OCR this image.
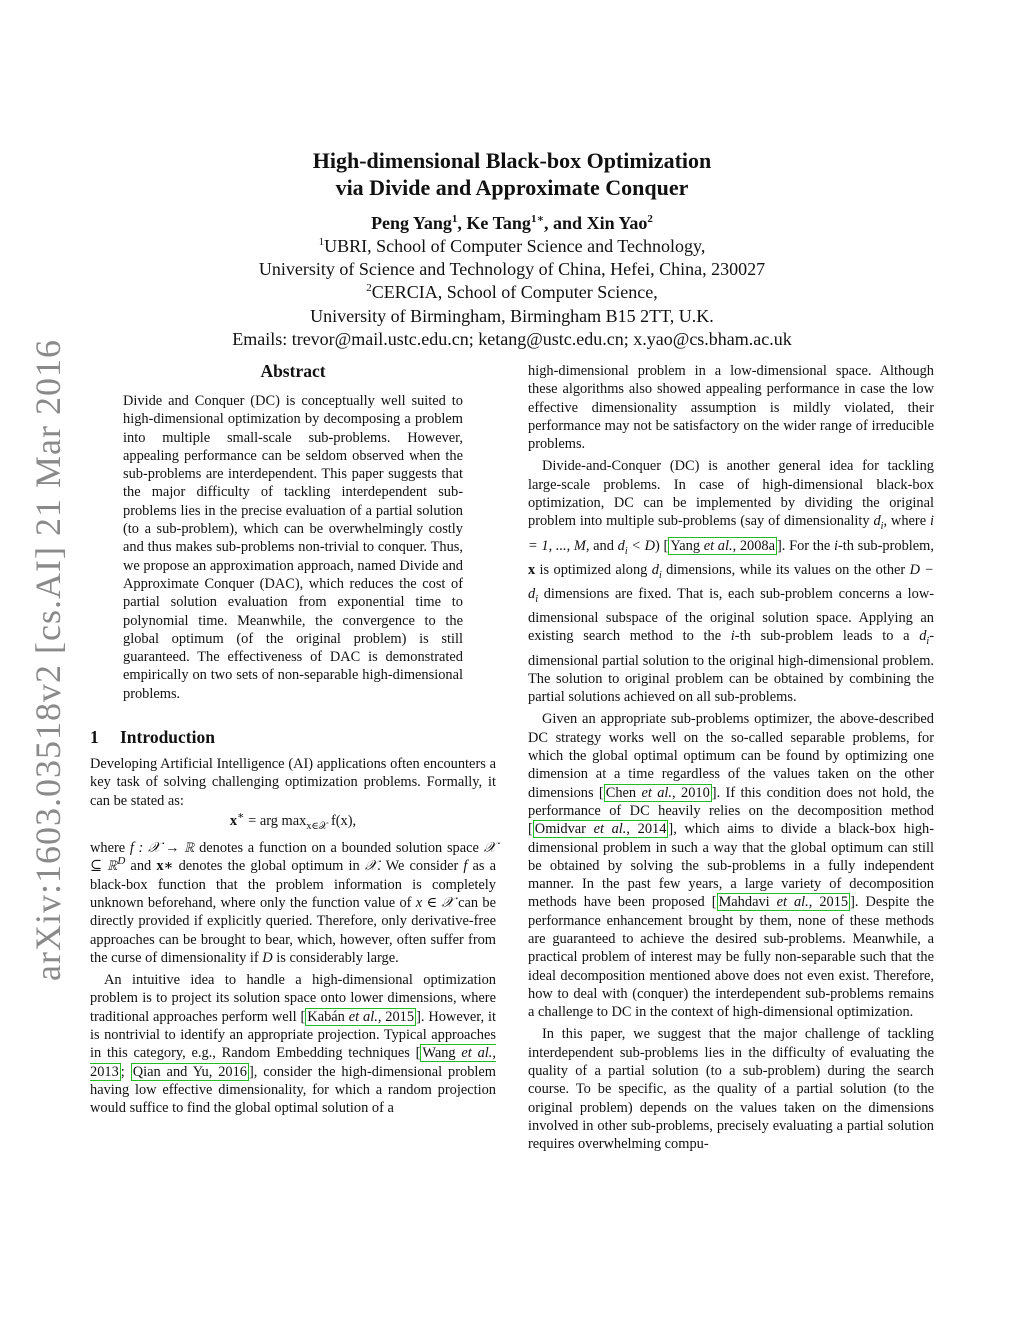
arXiv:1603.03518v2 [cs.AI] 21 Mar 2016
High-dimensional Black-box Optimization
via Divide and Approximate Conquer
Peng Yang$^1$, Ke Tang$^{1∗}$, and Xin Yao$^2$
$^1$UBRI, School of Computer Science and Technology,
University of Science and Technology of China, Hefei, China, 230027
$^2$CERCIA, School of Computer Science,
University of Birmingham, Birmingham B15 2TT, U.K.
Emails: trevor@mail.ustc.edu.cn; ketang@ustc.edu.cn; x.yao@cs.bham.ac.uk
Abstract

Divide and Conquer (DC) is conceptually well suited to high-dimensional optimization by decomposing a problem into multiple small-scale sub-problems. However, appealing performance can be seldom observed when the sub-problems are interdependent. This paper suggests that the major difficulty of tackling interdependent sub-problems lies in the precise evaluation of a partial solution (to a sub-problem), which can be overwhelmingly costly and thus makes sub-problems non-trivial to conquer. Thus, we propose an approximation approach, named Divide and Approximate Conquer (DAC), which reduces the cost of partial solution evaluation from exponential time to polynomial time. Meanwhile, the convergence to the global optimum (of the original problem) is still guaranteed. The effectiveness of DAC is demonstrated empirically on two sets of non-separable high-dimensional problems.

1 Introduction

Developing Artificial Intelligence (AI) applications often encounters a key task of solving challenging optimization problems. Formally, it can be stated as:

x∗ = arg $\max_{x\in 𝒳} f(x)$,

where f : 𝒳 → ℝ denotes a function on a bounded solution space 𝒳 ⊆ ℝ$^D$ and x∗ denotes the global optimum in 𝒳. We consider f as a black-box function that the problem information is completely unknown beforehand, where only the function value of x ∈ 𝒳 can be directly provided if explicitly queried. Therefore, only derivative-free approaches can be brought to bear, which, however, often suffer from the curse of dimensionality if D is considerably large.

An intuitive idea to handle a high-dimensional optimization problem is to project its solution space onto lower dimensions, where traditional approaches perform well [ Kabán et al., 2015 ]. However, it is nontrivial to identify an appropriate projection. Typical approaches in this category, e.g., Random Embedding techniques [ Wang et al., 2013 ; Qian and Yu, 2016 ], consider the high-dimensional problem having low effective dimensionality, for which a random projection would suffice to find the global optimal solution of a

high-dimensional problem in a low-dimensional space. Although these algorithms also showed appealing performance in case the low effective dimensionality assumption is mildly violated, their performance may not be satisfactory on the wider range of irreducible problems.

Divide-and-Conquer (DC) is another general idea for tackling large-scale problems. In case of high-dimensional black-box optimization, DC can be implemented by dividing the original problem into multiple sub-problems (say of dimensionality $d_i$, where i = 1, ..., M, and $d_i < D$) [ Yang et al., 2008a ]. For the i-th sub-problem, x is optimized along $d_i$ dimensions, while its values on the other $D - d_i$ dimensions are fixed. That is, each sub-problem concerns a low-dimensional subspace of the original solution space. Applying an existing search method to the i-th sub-problem leads to a $d_i$-dimensional partial solution to the original high-dimensional problem. The solution to original problem can be obtained by combining the partial solutions achieved on all sub-problems.

Given an appropriate sub-problems optimizer, the above-described DC strategy works well on the so-called separable problems, for which the global optimal optimum can be found by optimizing one dimension at a time regardless of the values taken on the other dimensions [ Chen et al., 2010 ]. If this condition does not hold, the performance of DC heavily relies on the decomposition method [ Omidvar et al., 2014 ], which aims to divide a black-box high-dimensional problem in such a way that the global optimum can still be obtained by solving the sub-problems in a fully independent manner. In the past few years, a large variety of decomposition methods have been proposed [ Mahdavi et al., 2015 ]. Despite the performance enhancement brought by them, none of these methods are guaranteed to achieve the desired sub-problems. Meanwhile, a practical problem of interest may be fully non-separable such that the ideal decomposition mentioned above does not even exist. Therefore, how to deal with (conquer) the interdependent sub-problems remains a challenge to DC in the context of high-dimensional optimization.

In this paper, we suggest that the major challenge of tackling interdependent sub-problems lies in the difficulty of evaluating the quality of a partial solution (to a sub-problem) during the search course. To be specific, as the quality of a partial solution (to the original problem) depends on the values taken on the dimensions involved in other sub-problems, precisely evaluating a partial solution requires overwhelming compu-
